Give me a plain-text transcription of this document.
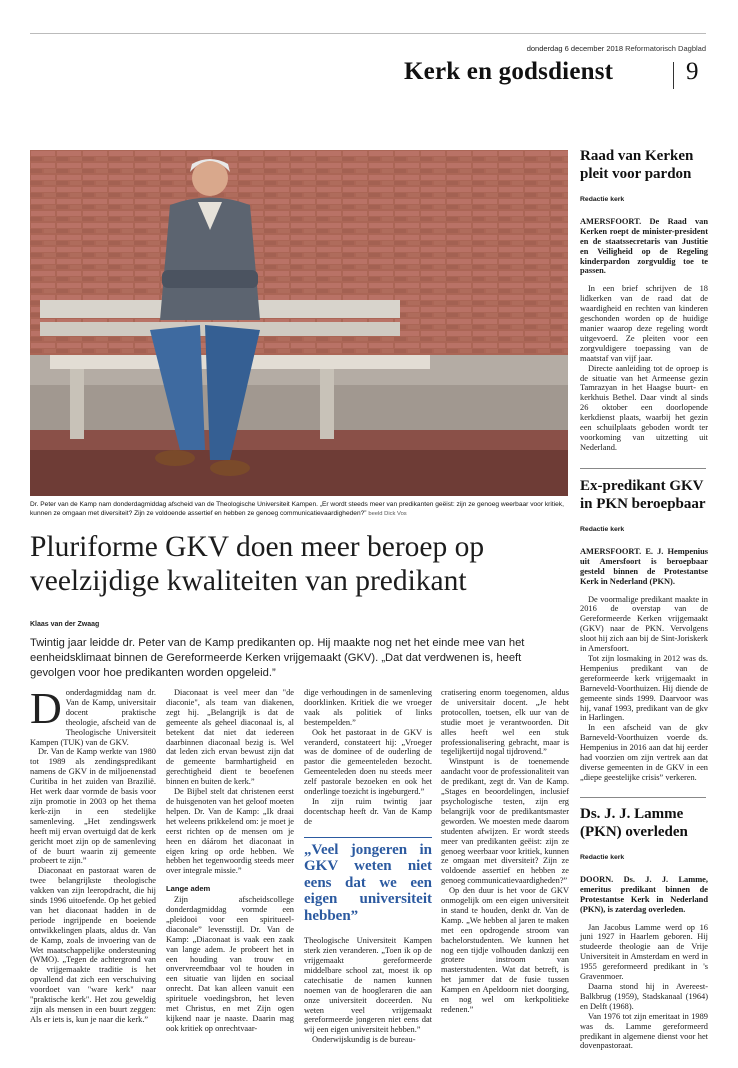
donderdag 6 december 2018 Reformatorisch Dagblad
Kerk en godsdienst	9
Dr. Peter van de Kamp nam donderdagmiddag afscheid van de Theologische Universiteit Kampen. „Er wordt steeds meer van predikanten geëist: zijn ze genoeg weerbaar voor kritiek, kunnen ze omgaan met diversiteit? Zijn ze voldoende assertief en hebben ze genoeg communicatievaardigheden?” beeld Dick Vos
Pluriforme GKV doen meer beroep op veelzijdige kwaliteiten van predikant
Klaas van der Zwaag
Twintig jaar leidde dr. Peter van de Kamp predikanten op. Hij maakte nog net het einde mee van het eenheidsklimaat binnen de Gereformeerde Kerken vrijgemaakt (GKV). „Dat dat verdwenen is, heeft gevolgen voor hoe predikanten worden opgeleid.”
D onderdagmiddag nam dr. Van de Kamp, universitair docent praktische theologie, afscheid van de Theologische Universiteit Kampen (TUK) van de GKV.

Dr. Van de Kamp werkte van 1980 tot 1989 als zendingspredikant namens de GKV in de miljoenenstad Curitiba in het zuiden van Brazilië. Het werk daar vormde de basis voor zijn promotie in 2003 op het thema kerk-zijn in een stedelijke samenleving. „Het zendingswerk heeft mij ervan overtuigd dat de kerk gericht moet zijn op de samenleving of de buurt waarin zij gemeente probeert te zijn.”

Diaconaat en pastoraat waren de twee belangrijkste theologische vakken van zijn leeropdracht, die hij sinds 1996 uitoefende. Op het gebied van het diaconaat hadden in de periode ingrijpende en boeiende ontwikkelingen plaats, aldus dr. Van de Kamp, zoals de invoering van de Wet maatschappelijke ondersteuning (WMO). „Tegen de achtergrond van de vrijgemaakte traditie is het opvallend dat zich een verschuiving voordoet van "ware kerk" naar "praktische kerk". Het zou geweldig zijn als mensen in een buurt zeggen: Als er iets is, kun je naar die kerk.”

Diaconaat is veel meer dan "de diaconie", als team van diakenen, zegt hij. „Belangrijk is dat de gemeente als geheel diaconaal is, al betekent dat niet dat iedereen daarbinnen diaconaal bezig is. Wel dat leden zich ervan bewust zijn dat de gemeente barmhartigheid en gerechtigheid dient te beoefenen binnen en buiten de kerk.”

De Bijbel stelt dat christenen eerst de huisgenoten van het geloof moeten helpen. Dr. Van de Kamp: „Ik draai het weleens prikkelend om: je moet je eerst richten op de mensen om je heen en dáárom het diaconaat in eigen kring op orde hebben. We hebben het tegenwoordig steeds meer over integrale missie.”

Lange adem

Zijn afscheidscollege donderdagmiddag vormde een „pleidooi voor een spiritueel-diaconale” levensstijl. Dr. Van de Kamp: „Diaconaat is vaak een zaak van lange adem. Je probeert het in een houding van trouw en onvervreemdbaar vol te houden in een situatie van lijden en sociaal onrecht. Dat kan alleen vanuit een spirituele voedingsbron, het leven met Christus, en met Zijn ogen kijkend naar je naaste. Daarin mag ook kritiek op onrechtvaar-

dige verhoudingen in de samenleving doorklinken. Kritiek die we vroeger vaak als politiek of links bestempelden.”

Ook het pastoraat in de GKV is veranderd, constateert hij: „Vroeger was de dominee of de ouderling de pastor die gemeenteleden bezocht. Gemeenteleden doen nu steeds meer zelf pastorale bezoeken en ook het onderlinge toezicht is ingeburgerd.”

In zijn ruim twintig jaar docentschap heeft dr. Van de Kamp de

„Veel jongeren in GKV weten niet eens dat we een eigen universiteit hebben”

Theologische Universiteit Kampen sterk zien veranderen. „Toen ik op de vrijgemaakt gereformeerde middelbare school zat, moest ik op catechisatie de namen kunnen noemen van de hoogleraren die aan onze universiteit doceerden. Nu weten veel vrijgemaakt gereformeerde jongeren niet eens dat wij een eigen universiteit hebben.”

Onderwijskundig is de bureau-

cratisering enorm toegenomen, aldus de universitair docent. „Je hebt protocollen, toetsen, elk uur van de studie moet je verantwoorden. Dit alles heeft wel een stuk professionalisering gebracht, maar is tegelijkertijd nogal tijdrovend.”

Winstpunt is de toenemende aandacht voor de professionaliteit van de predikant, zegt dr. Van de Kamp. „Stages en beoordelingen, inclusief psychologische testen, zijn erg belangrijk voor de predikantsmaster geworden. We moesten mede daarom studenten afwijzen. Er wordt steeds meer van predikanten geëist: zijn ze genoeg weerbaar voor kritiek, kunnen ze omgaan met diversiteit? Zijn ze voldoende assertief en hebben ze genoeg communicatievaardigheden?”

Op den duur is het voor de GKV onmogelijk om een eigen universiteit in stand te houden, denkt dr. Van de Kamp. „We hebben al jaren te maken met een opdrogende stroom van bachelorstudenten. We kunnen het nog een tijdje volhouden dankzij een grotere instroom van masterstudenten. Wat dat betreft, is het jammer dat de fusie tussen Kampen en Apeldoorn niet doorging, en nog wel om kerkpolitieke redenen.”

Raad van Kerken pleit voor pardon
Redactie kerk

AMERSFOORT. De Raad van Kerken roept de minister-president en de staatssecretaris van Justitie en Veiligheid op de Regeling kinderpardon zorgvuldig toe te passen.

In een brief schrijven de 18 lidkerken van de raad dat de waardigheid en rechten van kinderen geschonden worden op de huidige manier waarop deze regeling wordt uitgevoerd. Ze pleiten voor een zorgvuldigere toepassing van de maatstaf van vijf jaar.

Directe aanleiding tot de oproep is de situatie van het Armeense gezin Tamrazyan in het Haagse buurt- en kerkhuis Bethel. Daar vindt al sinds 26 oktober een doorlopende kerkdienst plaats, waarbij het gezin een schuilplaats geboden wordt ter voorkoming van uitzetting uit Nederland.

Ex-predikant GKV in PKN beroepbaar
Redactie kerk

AMERSFOORT. E. J. Hempenius uit Amersfoort is beroepbaar gesteld binnen de Protestantse Kerk in Nederland (PKN).

De voormalige predikant maakte in 2016 de overstap van de Gereformeerde Kerken vrijgemaakt (GKV) naar de PKN. Vervolgens sloot hij zich aan bij de Sint-Joriskerk in Amersfoort.

Tot zijn losmaking in 2012 was ds. Hempenius predikant van de gereformeerde kerk vrijgemaakt in Barneveld-Voorthuizen. Hij diende de gemeente sinds 1999. Daarvoor was hij, vanaf 1993, predikant van de gkv in Harlingen.

In een afscheid van de gkv Barneveld-Voorthuizen voerde ds. Hempenius in 2016 aan dat hij eerder had voorzien om zijn vertrek aan dat diverse gemeenten in de GKV in een „diepe geestelijke crisis” verkeren.

Ds. J. J. Lamme (PKN) overleden
Redactie kerk

DOORN. Ds. J. J. Lamme, emeritus predikant binnen de Protestantse Kerk in Nederland (PKN), is zaterdag overleden.

Jan Jacobus Lamme werd op 16 juni 1927 in Haarlem geboren. Hij studeerde theologie aan de Vrije Universiteit in Amsterdam en werd in 1955 gereformeerd predikant in 's Gravenmoer.

Daarna stond hij in Avereest-Balkbrug (1959), Stadskanaal (1964) en Delft (1968).

Van 1976 tot zijn emeritaat in 1989 was ds. Lamme gereformeerd predikant in algemene dienst voor het dovenpastoraat.
